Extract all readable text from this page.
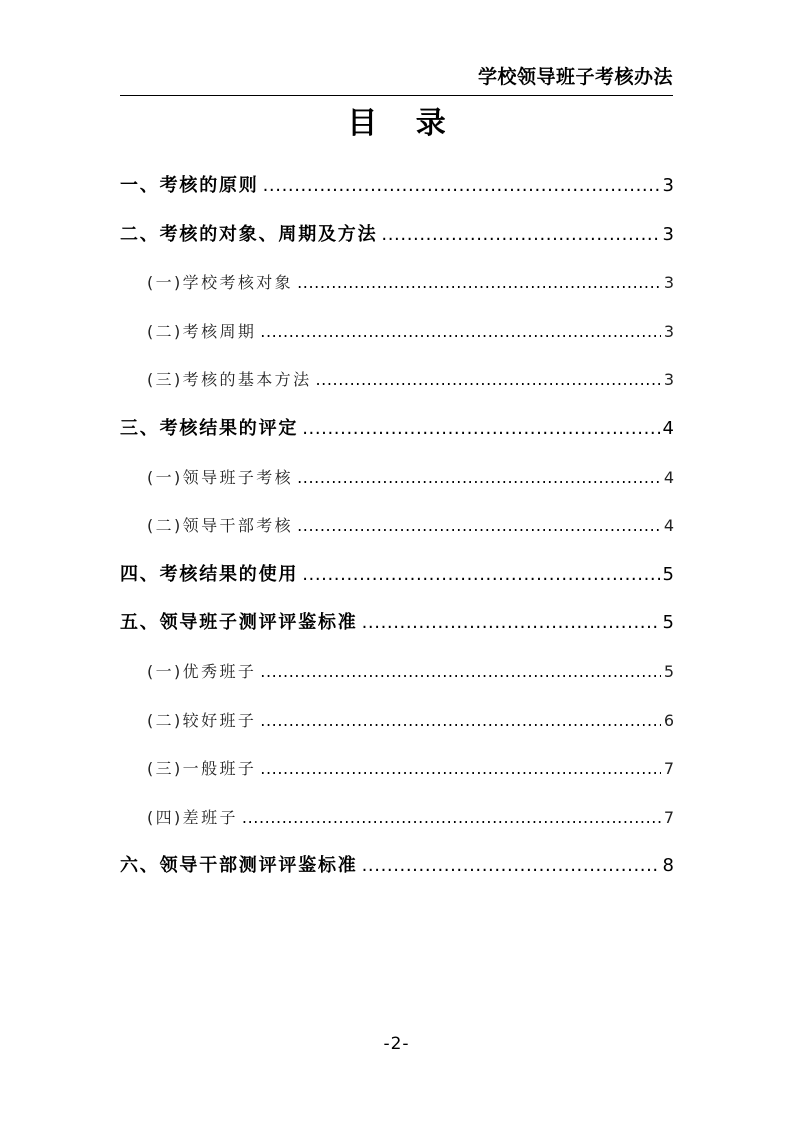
学校领导班子考核办法
目 录
一、考核的原则 .....	3
二、考核的对象、周期及方法 .....	3
(一)学校考核对象 .....	3
(二)考核周期 .....	3
(三)考核的基本方法 .....	3
三、考核结果的评定 .....	4
(一)领导班子考核 .....	4
(二)领导干部考核 .....	4
四、考核结果的使用 .....	5
五、领导班子测评评鉴标准 .....	5
(一)优秀班子 .....	5
(二)较好班子 .....	6
(三)一般班子 .....	7
(四)差班子 .....	7
六、领导干部测评评鉴标准 .....	8
-2-
